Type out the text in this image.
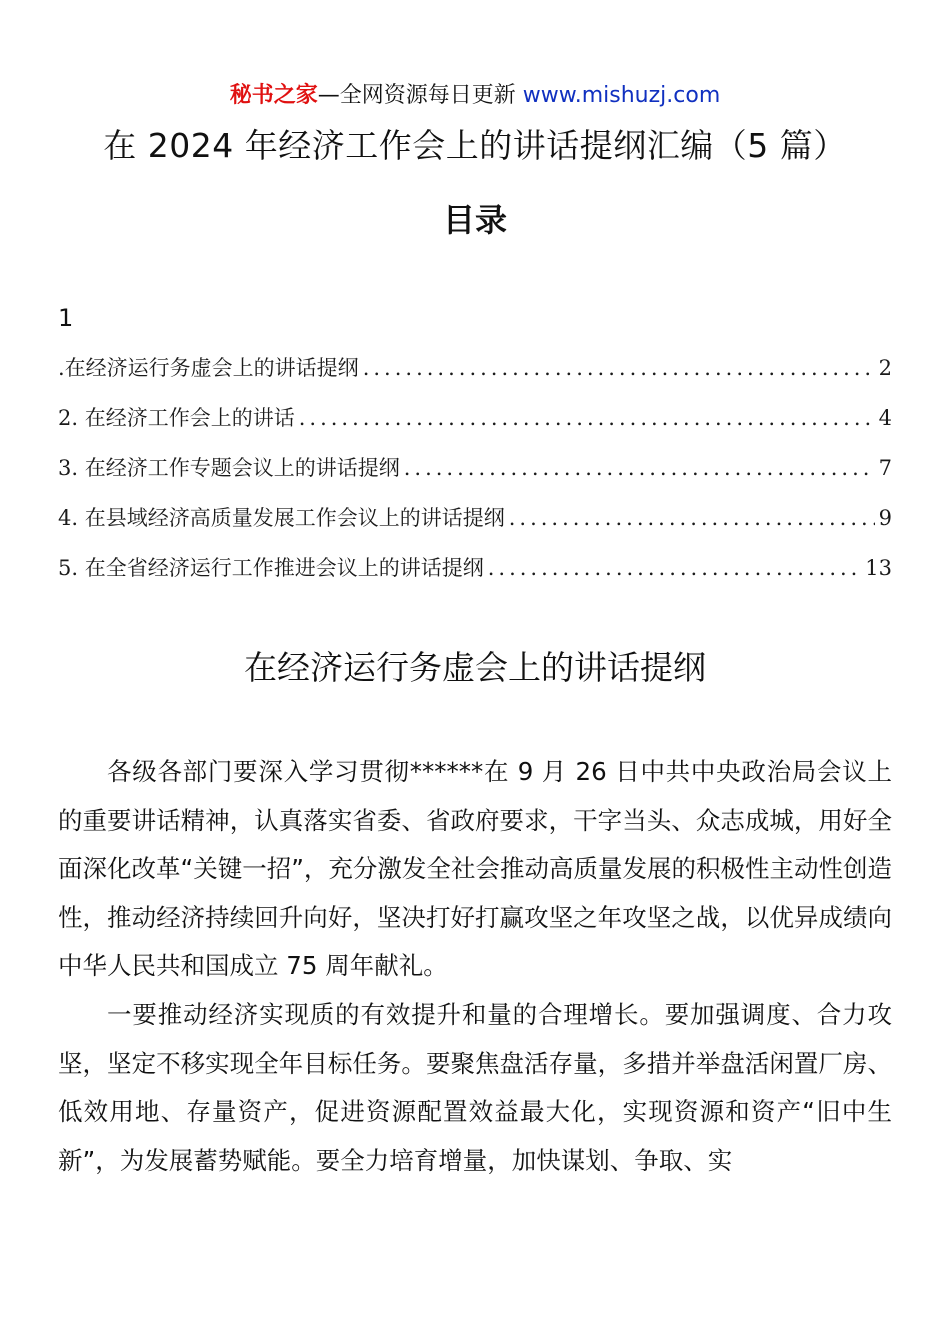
秘书之家—全网资源每日更新 www.mishuzj.com
在 2024 年经济工作会上的讲话提纲汇编（5 篇）
目录
1
.在经济运行务虚会上的讲话提纲 .....	2
2. 在经济工作会上的讲话 .....	4
3. 在经济工作专题会议上的讲话提纲 .....	7
4. 在县域经济高质量发展工作会议上的讲话提纲 .....	9
5. 在全省经济运行工作推进会议上的讲话提纲 .....	13
在经济运行务虚会上的讲话提纲

各级各部门要深入学习贯彻******在 9 月 26 日中共中央政治局会议上的重要讲话精神，认真落实省委、省政府要求，干字当头、众志成城，用好全面深化改革“关键一招”，充分激发全社会推动高质量发展的积极性主动性创造性，推动经济持续回升向好，坚决打好打赢攻坚之年攻坚之战，以优异成绩向中华人民共和国成立 75 周年献礼。

一要推动经济实现质的有效提升和量的合理增长。要加强调度、合力攻坚，坚定不移实现全年目标任务。要聚焦盘活存量，多措并举盘活闲置厂房、低效用地、存量资产，促进资源配置效益最大化，实现资源和资产“旧中生新”，为发展蓄势赋能。要全力培育增量，加快谋划、争取、实
